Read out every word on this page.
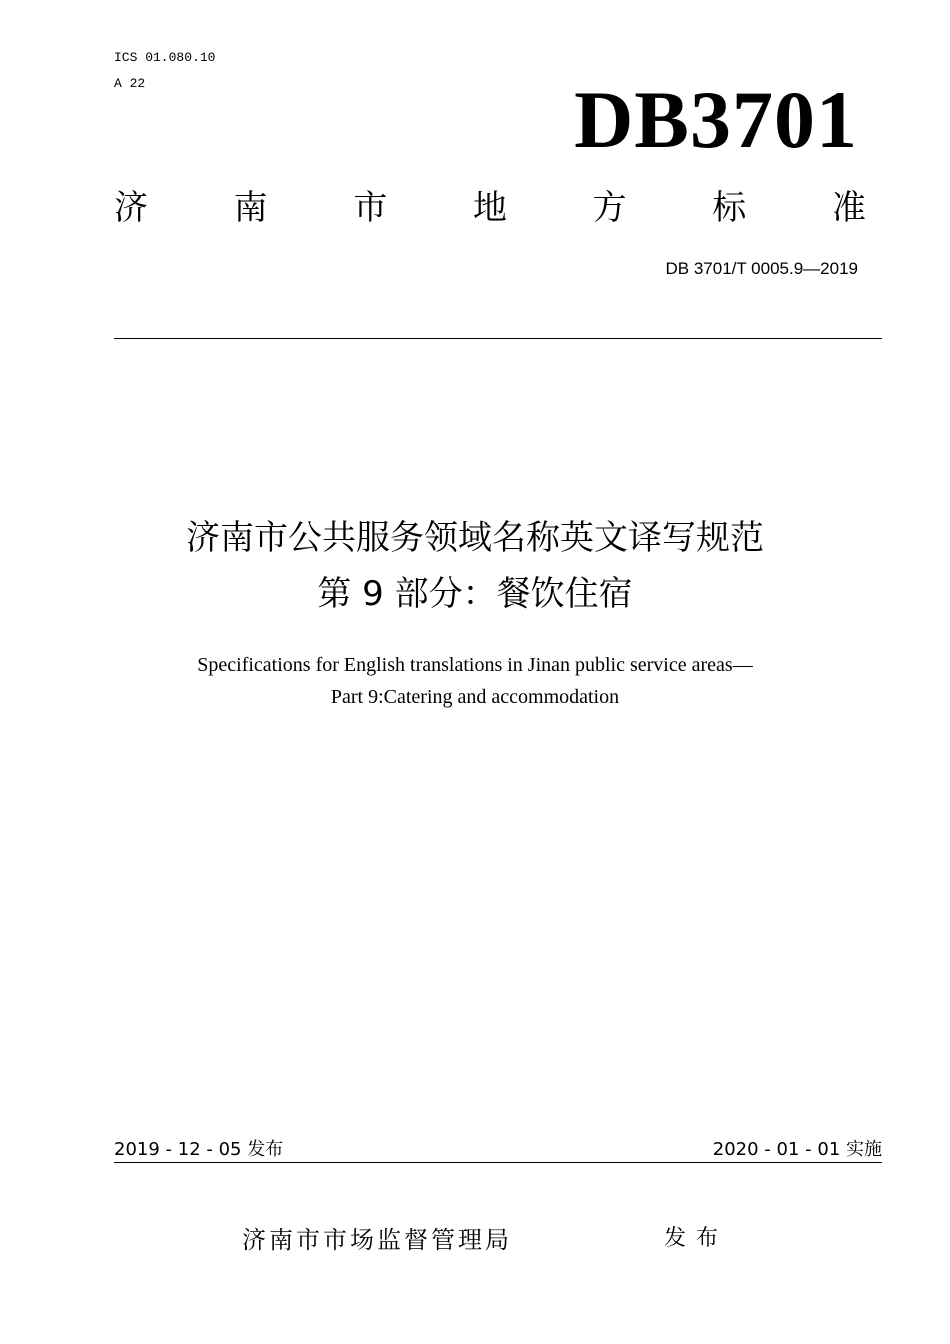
ICS 01.080.10
A 22	DB3701
济	南	市	地	方	标	准
DB 3701/T 0005.9—2019
济南市公共服务领域名称英文译写规范
第 9 部分：餐饮住宿
Specifications for English translations in Jinan public service areas—
Part 9:Catering and accommodation
2019 - 12 - 05 发布	2020 - 01 - 01 实施
济南市市场监督管理局	发布
